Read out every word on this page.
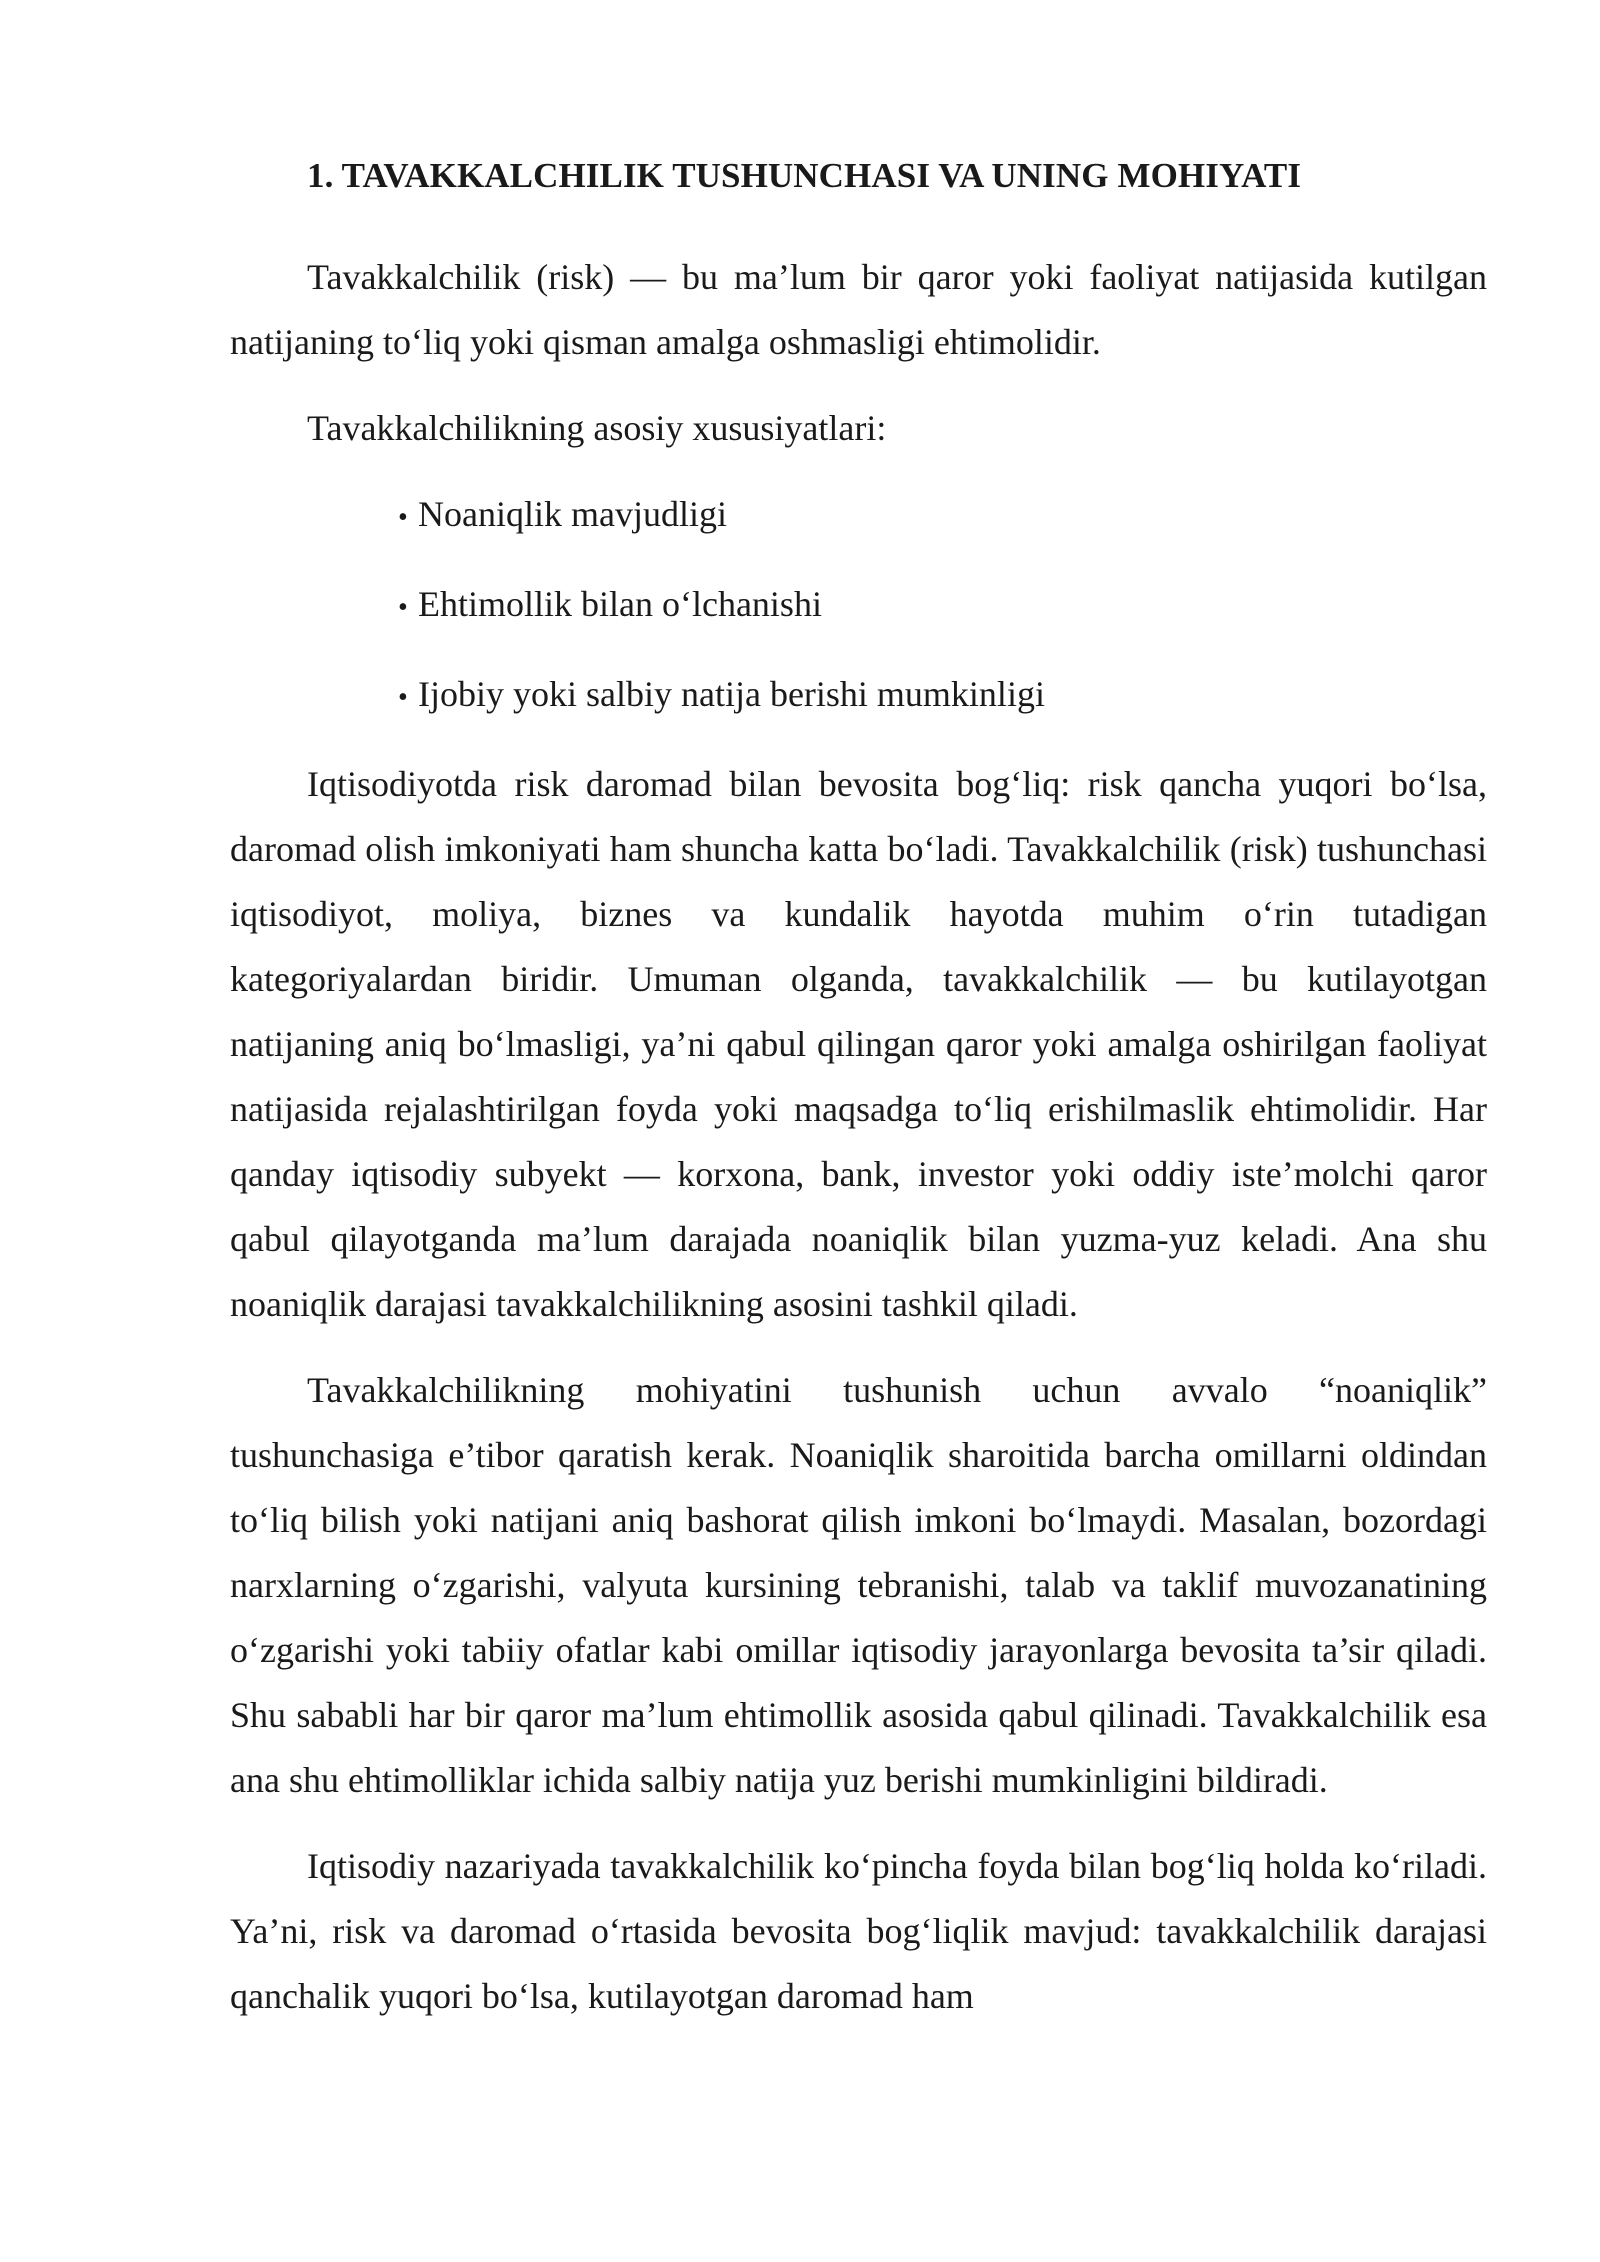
1. TAVAKKALCHILIK TUSHUNCHASI VA UNING MOHIYATI

Tavakkalchilik (risk) — bu ma’lum bir qaror yoki faoliyat natijasida kutilgan natijaning to‘liq yoki qisman amalga oshmasligi ehtimolidir.

Tavakkalchilikning asosiy xususiyatlari:

• Noaniqlik mavjudligi
• Ehtimollik bilan o‘lchanishi
• Ijobiy yoki salbiy natija berishi mumkinligi

Iqtisodiyotda risk daromad bilan bevosita bog‘liq: risk qancha yuqori bo‘lsa, daromad olish imkoniyati ham shuncha katta bo‘ladi. Tavakkalchilik (risk) tushunchasi iqtisodiyot, moliya, biznes va kundalik hayotda muhim o‘rin tutadigan kategoriyalardan biridir. Umuman olganda, tavakkalchilik — bu kutilayotgan natijaning aniq bo‘lmasligi, ya’ni qabul qilingan qaror yoki amalga oshirilgan faoliyat natijasida rejalashtirilgan foyda yoki maqsadga to‘liq erishilmaslik ehtimolidir. Har qanday iqtisodiy subyekt — korxona, bank, investor yoki oddiy iste’molchi qaror qabul qilayotganda ma’lum darajada noaniqlik bilan yuzma-yuz keladi. Ana shu noaniqlik darajasi tavakkalchilikning asosini tashkil qiladi.

Tavakkalchilikning mohiyatini tushunish uchun avvalo “noaniqlik” tushunchasiga e’tibor qaratish kerak. Noaniqlik sharoitida barcha omillarni oldindan to‘liq bilish yoki natijani aniq bashorat qilish imkoni bo‘lmaydi. Masalan, bozordagi narxlarning o‘zgarishi, valyuta kursining tebranishi, talab va taklif muvozanatining o‘zgarishi yoki tabiiy ofatlar kabi omillar iqtisodiy jarayonlarga bevosita ta’sir qiladi. Shu sababli har bir qaror ma’lum ehtimollik asosida qabul qilinadi. Tavakkalchilik esa ana shu ehtimolliklar ichida salbiy natija yuz berishi mumkinligini bildiradi.

Iqtisodiy nazariyada tavakkalchilik ko‘pincha foyda bilan bog‘liq holda ko‘riladi. Ya’ni, risk va daromad o‘rtasida bevosita bog‘liqlik mavjud: tavakkalchilik darajasi qanchalik yuqori bo‘lsa, kutilayotgan daromad ham
